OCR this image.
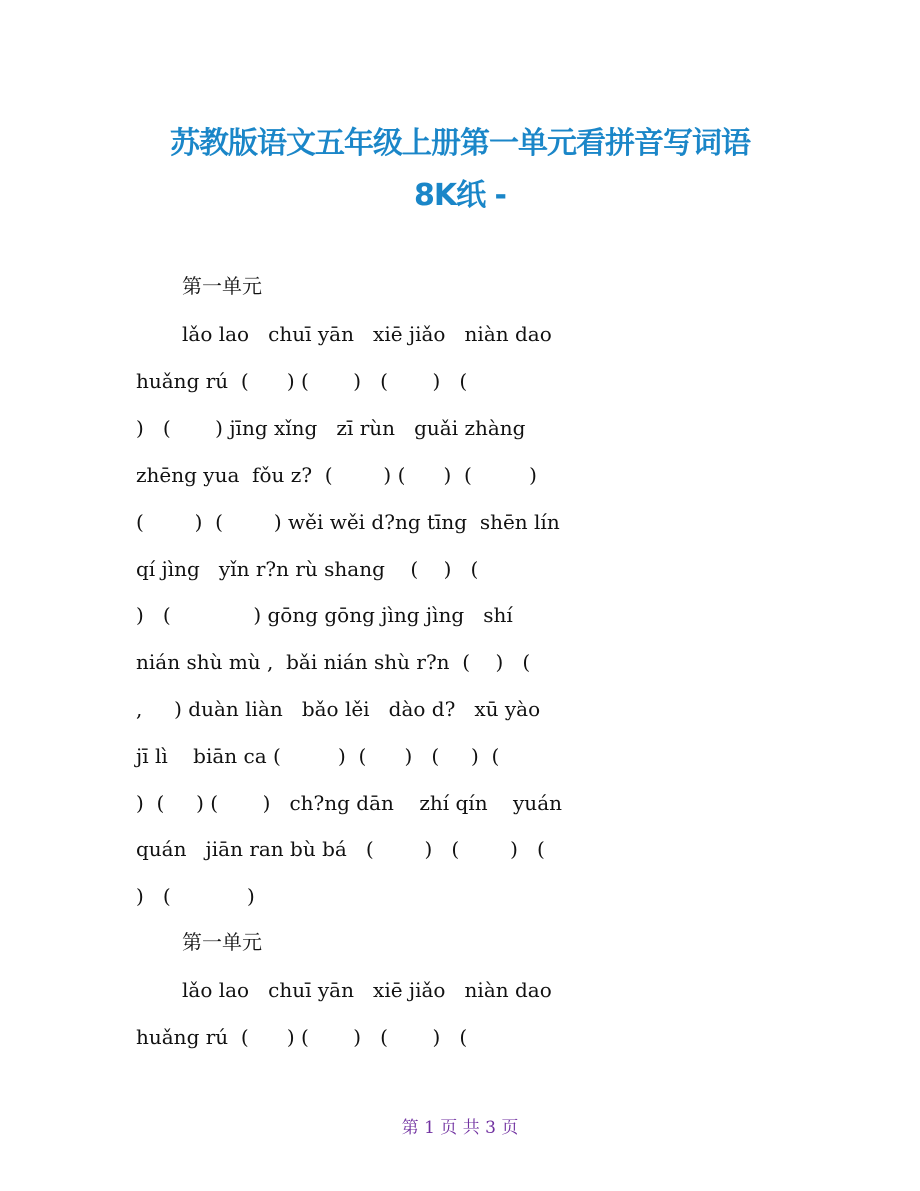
苏教版语文五年级上册第一单元看拼音写词语
8K纸 -
第一单元
lǎo lao   chuī yān   xiē jiǎo   niàn dao
huǎng rú  (      ) (       )   (       )   (
)   (       ) jīng xǐng   zī rùn   guǎi zhàng
zhēng yua  fǒu z?  (        ) (      )  (         )
(        )  (        ) wěi wěi d?ng tīng  shēn lín
qí jìng   yǐn r?n rù shang    (    )   (
)   (             ) gōng gōng jìng jìng   shí
nián shù mù ,  bǎi nián shù r?n  (    )   (
,     ) duàn liàn   bǎo lěi   dào d?   xū yào
jī lì    biān ca (         )  (      )   (     )  (
)  (     ) (       )   ch?ng dān    zhí qín    yuán
quán   jiān ran bù bá   (        )   (        )   (
)   (            )
第一单元
lǎo lao   chuī yān   xiē jiǎo   niàn dao
huǎng rú  (      ) (       )   (       )   (
第 1 页 共 3 页
